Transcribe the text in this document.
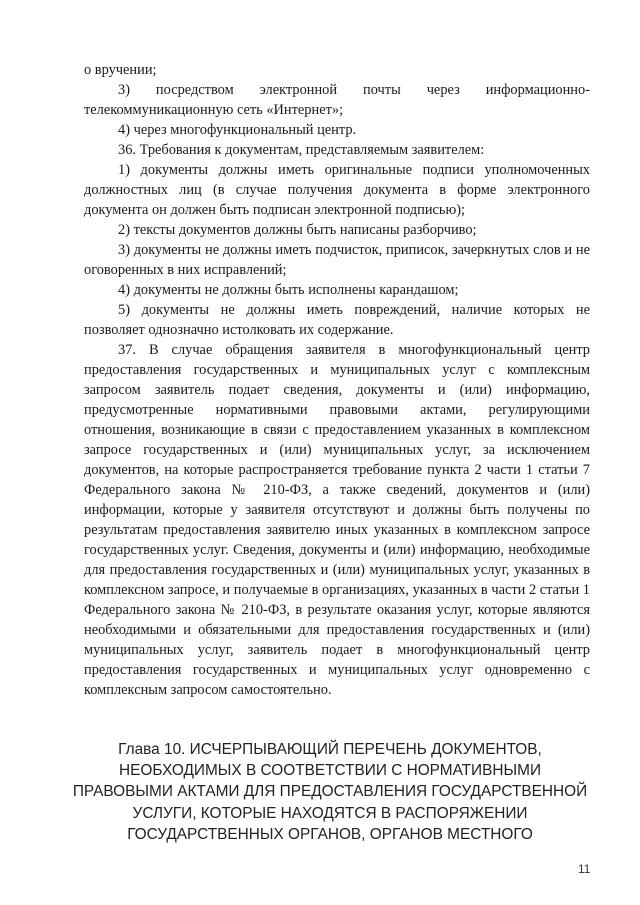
о вручении;

3) посредством электронной почты через информационно-телекоммуникационную сеть «Интернет»;

4) через многофункциональный центр.

36. Требования к документам, представляемым заявителем:

1) документы должны иметь оригинальные подписи уполномоченных должностных лиц (в случае получения документа в форме электронного документа он должен быть подписан электронной подписью);

2) тексты документов должны быть написаны разборчиво;

3) документы не должны иметь подчисток, приписок, зачеркнутых слов и не оговоренных в них исправлений;

4) документы не должны быть исполнены карандашом;

5) документы не должны иметь повреждений, наличие которых не позволяет однозначно истолковать их содержание.

37. В случае обращения заявителя в многофункциональный центр предоставления государственных и муниципальных услуг с комплексным запросом заявитель подает сведения, документы и (или) информацию, предусмотренные нормативными правовыми актами, регулирующими отношения, возникающие в связи с предоставлением указанных в комплексном запросе государственных и (или) муниципальных услуг, за исключением документов, на которые распространяется требование пункта 2 части 1 статьи 7 Федерального закона № 210-ФЗ, а также сведений, документов и (или) информации, которые у заявителя отсутствуют и должны быть получены по результатам предоставления заявителю иных указанных в комплексном запросе государственных услуг. Сведения, документы и (или) информацию, необходимые для предоставления государственных и (или) муниципальных услуг, указанных в комплексном запросе, и получаемые в организациях, указанных в части 2 статьи 1 Федерального закона № 210-ФЗ, в результате оказания услуг, которые являются необходимыми и обязательными для предоставления государственных и (или) муниципальных услуг, заявитель подает в многофункциональный центр предоставления государственных и муниципальных услуг одновременно с комплексным запросом самостоятельно.

Глава 10. ИСЧЕРПЫВАЮЩИЙ ПЕРЕЧЕНЬ ДОКУМЕНТОВ,
НЕОБХОДИМЫХ В СООТВЕТСТВИИ С НОРМАТИВНЫМИ
ПРАВОВЫМИ АКТАМИ ДЛЯ ПРЕДОСТАВЛЕНИЯ ГОСУДАРСТВЕННОЙ
УСЛУГИ, КОТОРЫЕ НАХОДЯТСЯ В РАСПОРЯЖЕНИИ
ГОСУДАРСТВЕННЫХ ОРГАНОВ, ОРГАНОВ МЕСТНОГО
11
